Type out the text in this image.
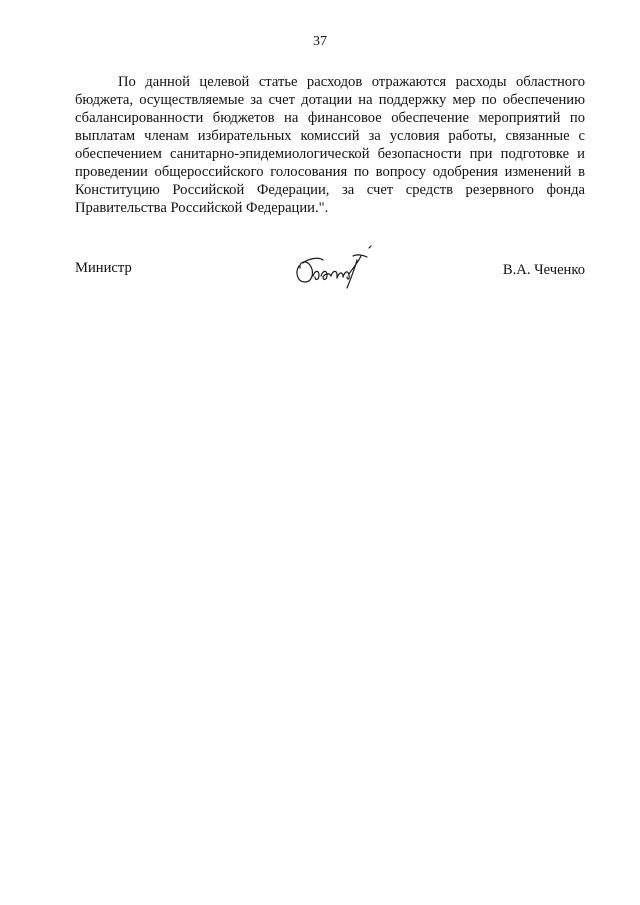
37

По данной целевой статье расходов отражаются расходы областного бюджета, осуществляемые за счет дотации на поддержку мер по обеспечению сбалансированности бюджетов на финансовое обеспечение мероприятий по выплатам членам избирательных комиссий за условия работы, связанные с обеспечением санитарно-эпидемиологической безопасности при подготовке и проведении общероссийского голосования по вопросу одобрения изменений в Конституцию Российской Федерации, за счет средств резервного фонда Правительства Российской Федерации.".

Министр	В.А. Чеченко
